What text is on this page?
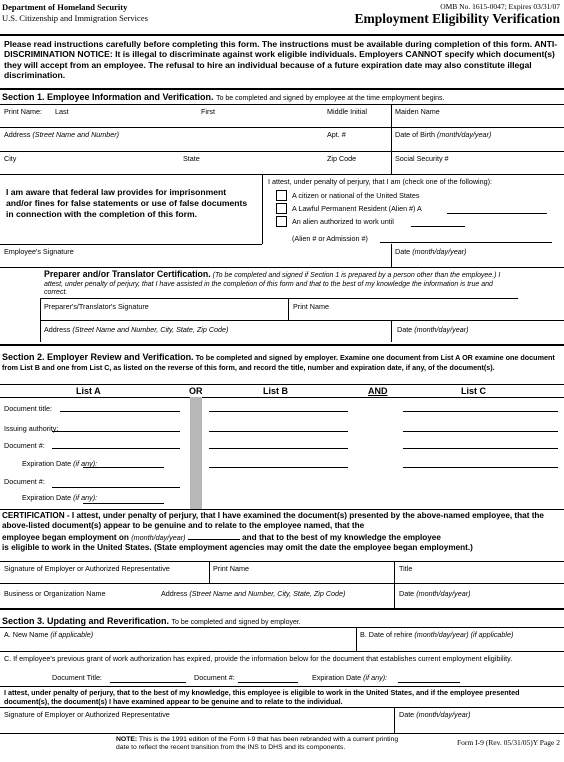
Department of Homeland Security
U.S. Citizenship and Immigration Services
OMB No. 1615-0047; Expires 03/31/07
Employment Eligibility Verification
Please read instructions carefully before completing this form. The instructions must be available during completion of this form. ANTI-DISCRIMINATION NOTICE: It is illegal to discriminate against work eligible individuals. Employers CANNOT specify which document(s) they will accept from an employee. The refusal to hire an individual because of a future expiration date may also constitute illegal discrimination.
Section 1. Employee Information and Verification. To be completed and signed by employee at the time employment begins.
Print Name: Last	First	Middle Initial	Maiden Name
Address (Street Name and Number)	Apt. #	Date of Birth (month/day/year)
City	State	Zip Code	Social Security #
I am aware that federal law provides for imprisonment and/or fines for false statements or use of false documents in connection with the completion of this form.
I attest, under penalty of perjury, that I am (check one of the following):
A citizen or national of the United States
A Lawful Permanent Resident (Alien #) A
An alien authorized to work until
(Alien # or Admission #)
Employee's Signature	Date (month/day/year)
Preparer and/or Translator Certification. (To be completed and signed if Section 1 is prepared by a person other than the employee.) I attest, under penalty of perjury, that I have assisted in the completion of this form and that to the best of my knowledge the information is true and correct.
Preparer's/Translator's Signature	Print Name
Address (Street Name and Number, City, State, Zip Code)	Date (month/day/year)
Section 2. Employer Review and Verification. To be completed and signed by employer. Examine one document from List A OR examine one document from List B and one from List C, as listed on the reverse of this form, and record the title, number and expiration date, if any, of the document(s).
List A	OR	List B	AND	List C
Document title:
Issuing authority:
Document #:
Expiration Date (if any):
Document #:
Expiration Date (if any):
CERTIFICATION - I attest, under penalty of perjury, that I have examined the document(s) presented by the above-named employee, that the above-listed document(s) appear to be genuine and to relate to the employee named, that the
employee began employment on (month/day/year)	and that to the best of my knowledge the employee
is eligible to work in the United States. (State employment agencies may omit the date the employee began employment.)
Signature of Employer or Authorized Representative	Print Name	Title
Business or Organization Name	Address (Street Name and Number, City, State, Zip Code)	Date (month/day/year)
Section 3. Updating and Reverification. To be completed and signed by employer.
A. New Name (if applicable)	B. Date of rehire (month/day/year) (if applicable)
C. If employee's previous grant of work authorization has expired, provide the information below for the document that establishes current employment eligibility.
Document Title:	Document #:	Expiration Date (if any):
I attest, under penalty of perjury, that to the best of my knowledge, this employee is eligible to work in the United States, and if the employee presented document(s), the document(s) I have examined appear to be genuine and to relate to the individual.
Signature of Employer or Authorized Representative	Date (month/day/year)
NOTE: This is the 1991 edition of the Form I-9 that has been rebranded with a current printing date to reflect the recent transition from the INS to DHS and its components.
Form I-9 (Rev. 05/31/05)Y Page 2
